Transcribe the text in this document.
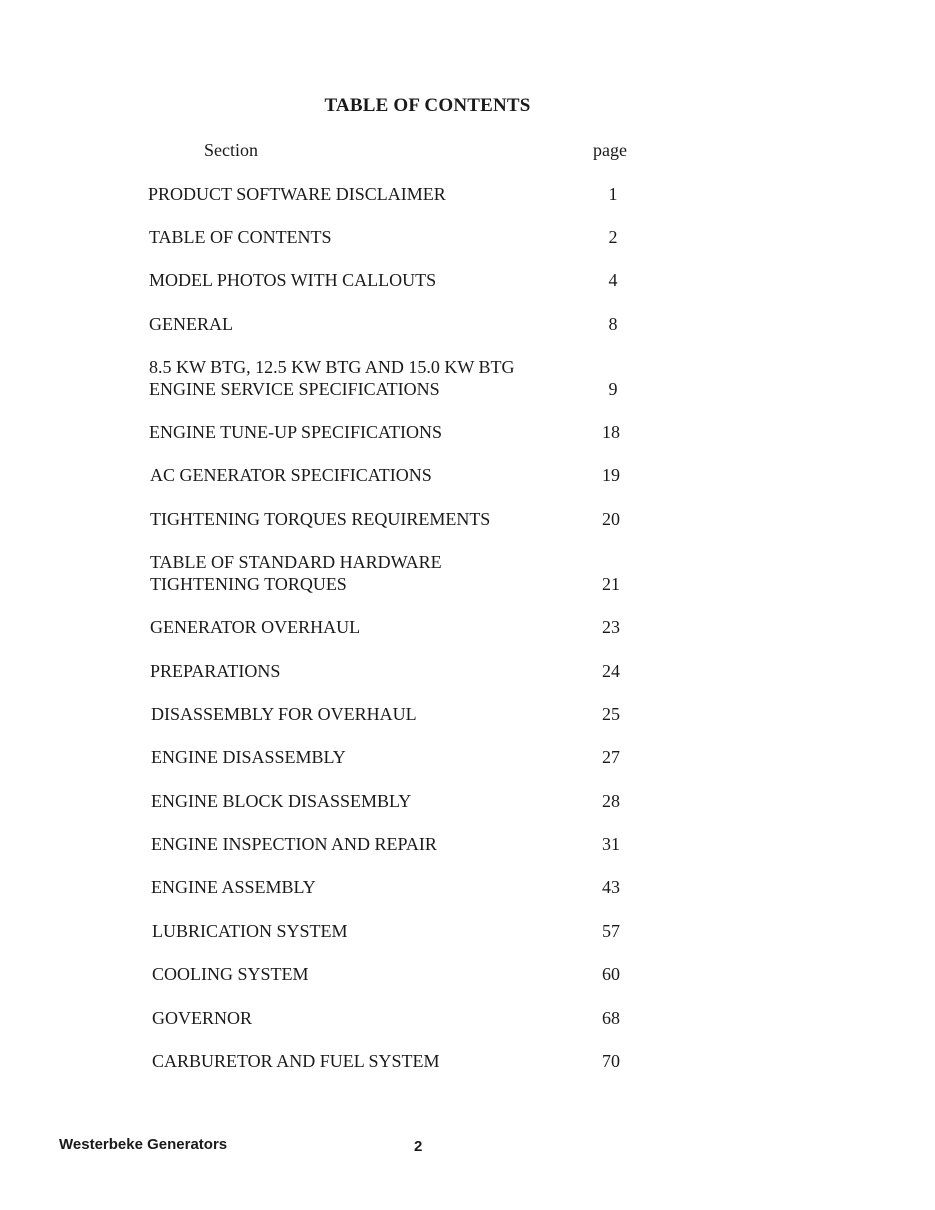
TABLE OF CONTENTS
Section	page
PRODUCT SOFTWARE DISCLAIMER	1
TABLE OF CONTENTS	2
MODEL PHOTOS WITH CALLOUTS	4
GENERAL	8
8.5 KW BTG, 12.5 KW BTG AND 15.0 KW BTG
ENGINE SERVICE SPECIFICATIONS	9
ENGINE TUNE-UP SPECIFICATIONS	18
AC GENERATOR SPECIFICATIONS	19
TIGHTENING TORQUES REQUIREMENTS	20
TABLE OF STANDARD HARDWARE
TIGHTENING TORQUES	21
GENERATOR OVERHAUL	23
PREPARATIONS	24
DISASSEMBLY FOR OVERHAUL	25
ENGINE DISASSEMBLY	27
ENGINE BLOCK DISASSEMBLY	28
ENGINE INSPECTION AND REPAIR	31
ENGINE ASSEMBLY	43
LUBRICATION SYSTEM	57
COOLING SYSTEM	60
GOVERNOR	68
CARBURETOR AND FUEL SYSTEM	70
Westerbeke Generators	2
